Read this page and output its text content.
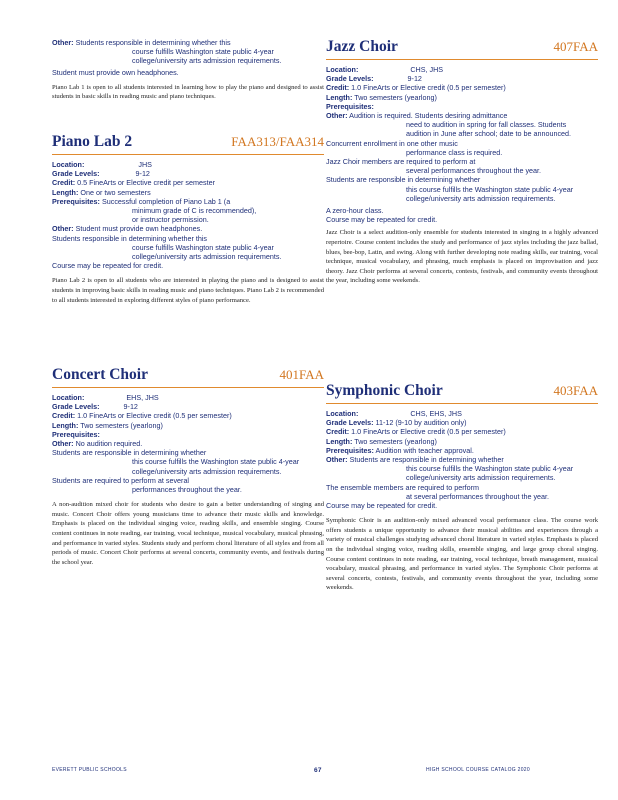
Other: Students responsible in determining whether this
course fulfills Washington state public 4-year
college/university arts admission requirements.
Student must provide own headphones.
Piano Lab 1 is open to all students interested in learning how to play the piano and designed to assist students in basic skills in reading music and piano techniques.
Piano Lab 2	FAA313/FAA314
Location:	JHS
Grade Levels:	9-12
Credit: 0.5 FineArts or Elective credit per semester
Length: One or two semesters
Prerequisites: Successful completion of Piano Lab 1 (a
minimum grade of C is recommended),
or instructor permission.
Other: Student must provide own headphones.
Students responsible in determining whether this
course fulfills Washington state public 4-year
college/university arts admission requirements.
Course may be repeated for credit.
Piano Lab 2 is open to all students who are interested in playing the piano and is designed to assist students in improving basic skills in reading music and piano techniques. Piano Lab 2 is recommended to all students interested in exploring different styles of piano performance.
Concert Choir	401FAA
Location:	EHS, JHS
Grade Levels:	9-12
Credit: 1.0 FineArts or Elective credit (0.5 per semester)
Length: Two semesters (yearlong)
Prerequisites:
Other: No audition required.
Students are responsible in determining whether
this course fulfills the Washington state public 4-year
college/university arts admission requirements.
Students are required to perform at several
performances throughout the year.
A non-audition mixed choir for students who desire to gain a better understanding of singing and music. Concert Choir offers young musicians time to advance their music skills and knowledge. Emphasis is placed on the individual singing voice, reading skills, and ensemble singing. Course content continues in note reading, ear training, vocal technique, musical vocabulary, musical phrasing, and performance in varied styles. Students study and perform choral literature of all styles and from all periods of music. Concert Choir performs at several concerts, community events, and festivals during the school year.
Jazz Choir	407FAA
Location:	CHS, JHS
Grade Levels:	9-12
Credit: 1.0 FineArts or Elective credit (0.5 per semester)
Length: Two semesters (yearlong)
Prerequisites:
Other: Audition is required. Students desiring admittance
need to audition in spring for fall classes. Students
audition in June after school; date to be announced.
Concurrent enrollment in one other music
performance class is required.
Jazz Choir members are required to perform at
several performances throughout the year.
Students are responsible in determining whether
this course fulfills the Washington state public 4-year
college/university arts admission requirements.
A zero-hour class.
Course may be repeated for credit.
Jazz Choir is a select audition-only ensemble for students interested in singing in a highly advanced repertoire. Course content includes the study and performance of jazz styles including the jazz ballad, blues, bee-bop, Latin, and swing. Along with further developing note reading skills, ear training, vocal technique, musical vocabulary, and phrasing, much emphasis is placed on improvisation and jazz theory. Jazz Choir performs at several concerts, contests, festivals, and community events throughout the year, including some weekends.
Symphonic Choir	403FAA
Location:	CHS, EHS, JHS
Grade Levels: 11-12 (9-10 by audition only)
Credit: 1.0 FineArts or Elective credit (0.5 per semester)
Length: Two semesters (yearlong)
Prerequisites: Audition with teacher approval.
Other: Students are responsible in determining whether
this course fulfills the Washington state public 4-year
college/university arts admission requirements.
The ensemble members are required to perform
at several performances throughout the year.
Course may be repeated for credit.
Symphonic Choir is an audition-only mixed advanced vocal performance class. The course work offers students a unique opportunity to advance their musical abilities and experiences through a variety of musical challenges studying advanced choral literature in varied styles. Emphasis is placed on the individual singing voice, reading skills, ensemble singing, and large group choral singing. Course content continues in note reading, ear training, vocal technique, breath management, musical vocabulary, musical phrasing, and performance in varied styles. The Symphonic Choir performs at several concerts, contests, festivals, and community events throughout the year, including some weekends.
EVERETT PUBLIC SCHOOLS	67	HIGH SCHOOL COURSE CATALOG 2020
